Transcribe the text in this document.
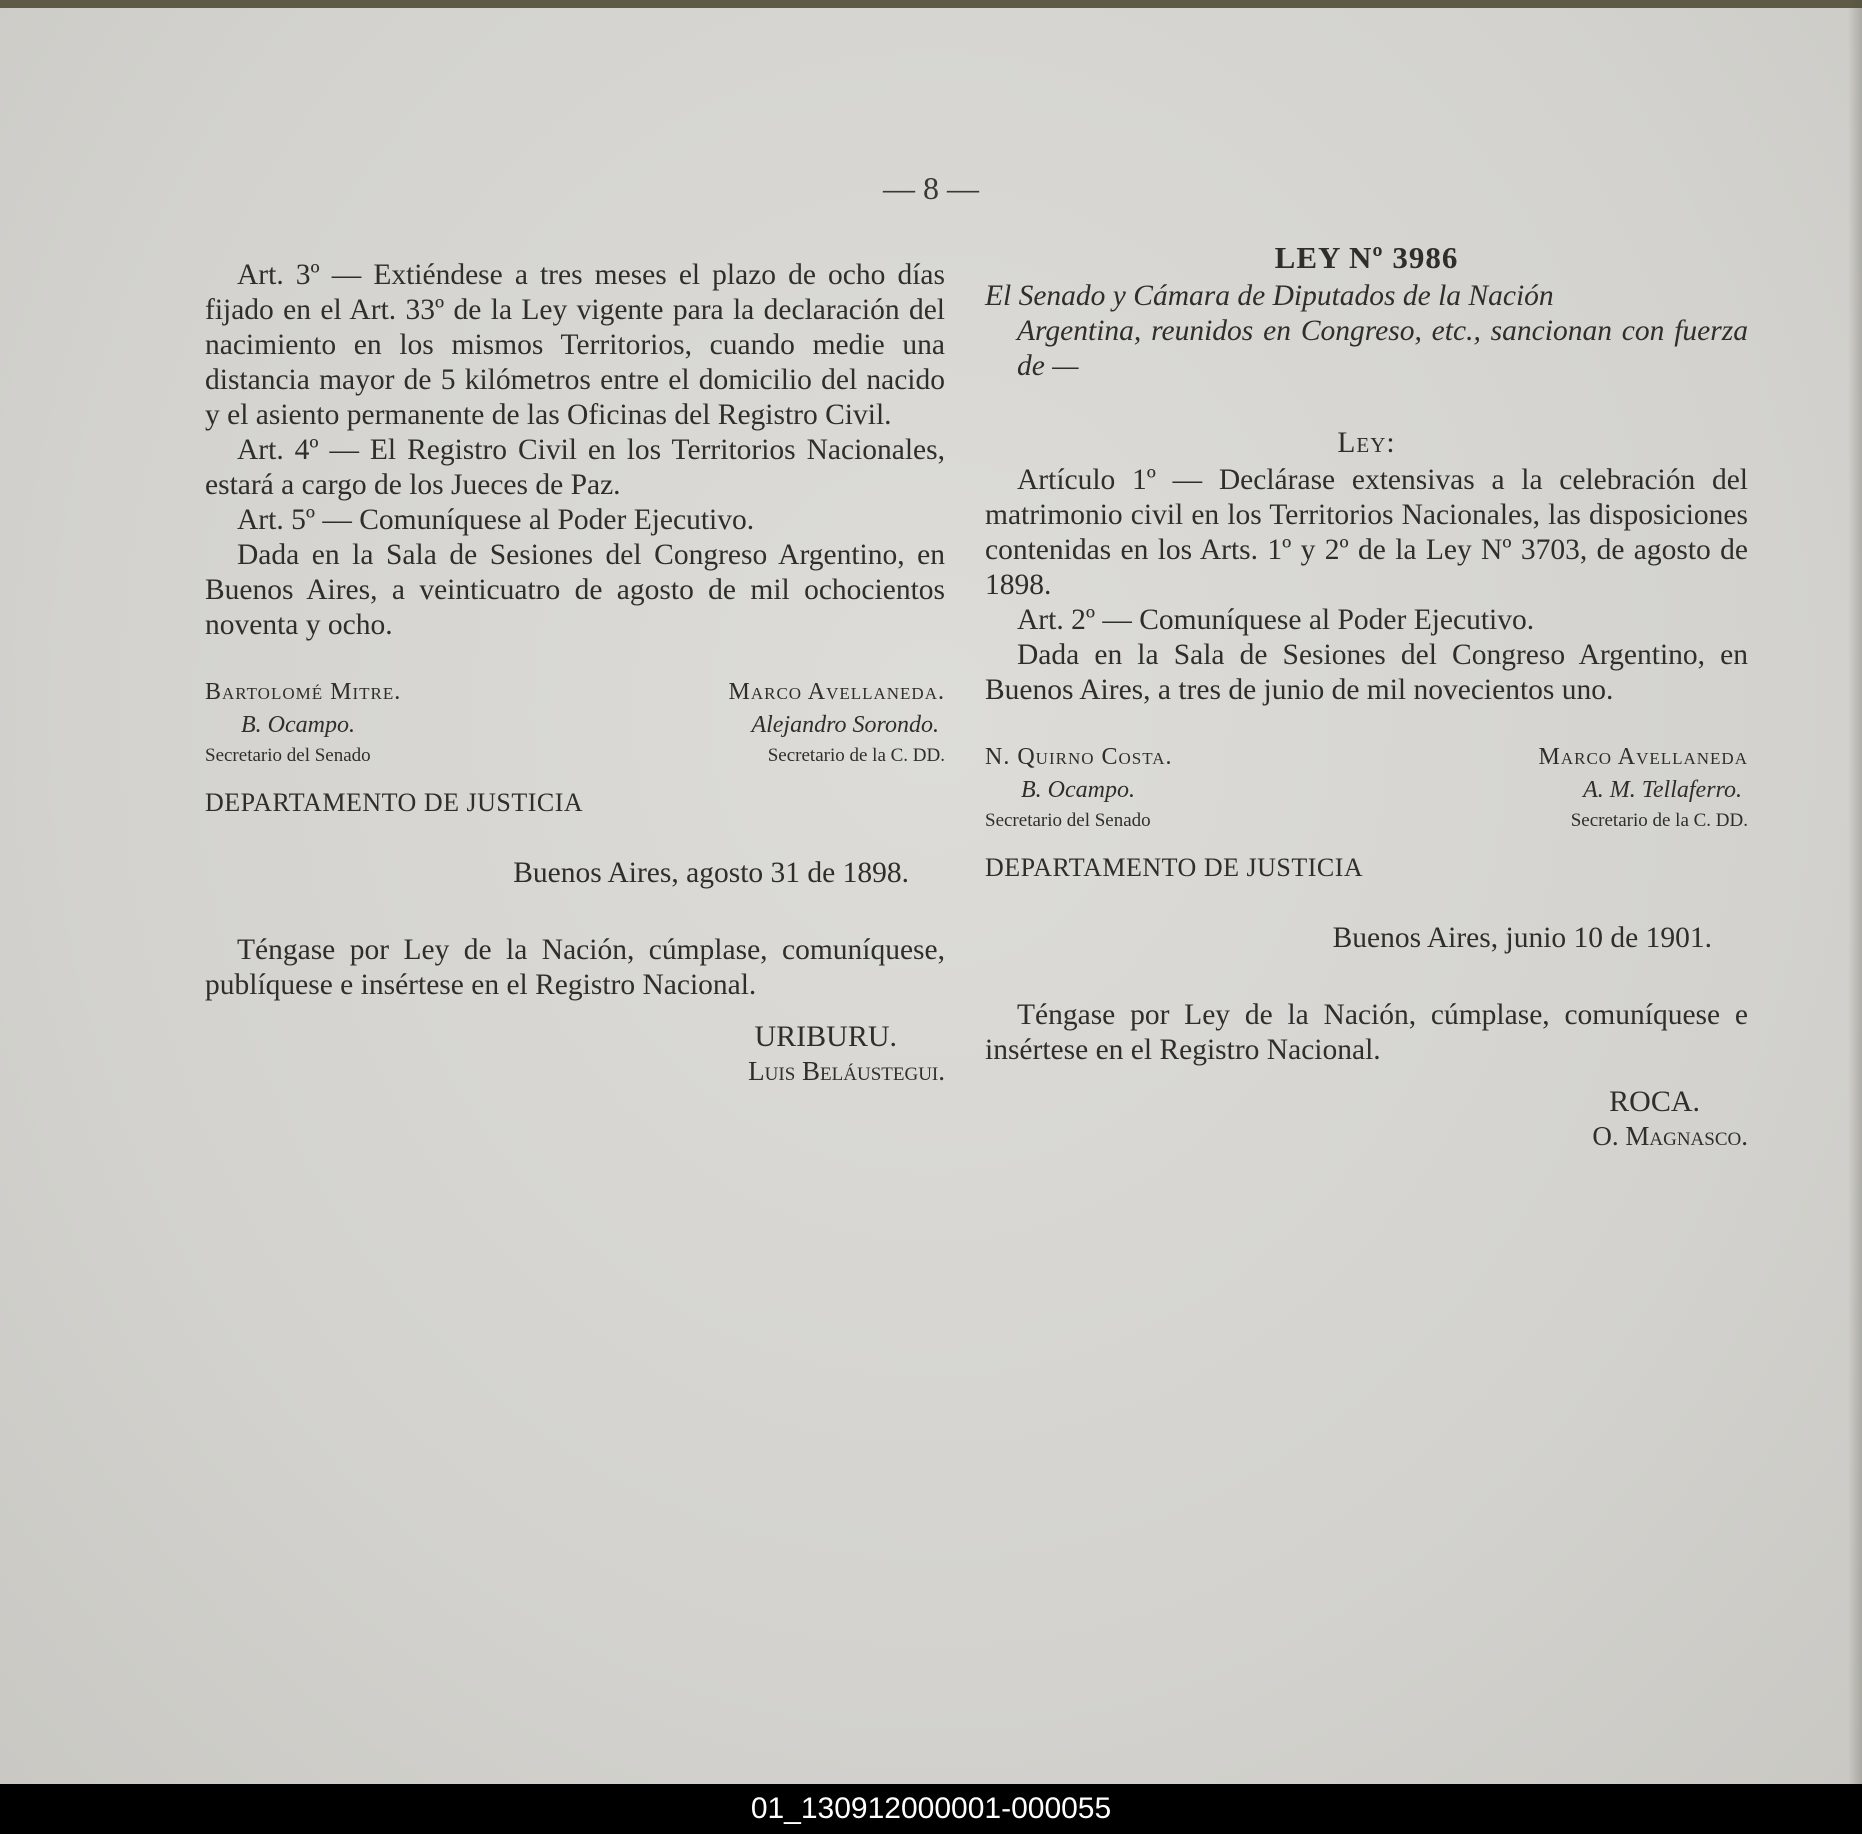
— 8 —

Art. 3º — Extiéndese a tres meses el plazo de ocho días fijado en el Art. 33º de la Ley vigente para la declaración del nacimiento en los mismos Territorios, cuando medie una distancia mayor de 5 kilómetros entre el domicilio del nacido y el asiento permanente de las Oficinas del Registro Civil.

Art. 4º — El Registro Civil en los Territorios Nacionales, estará a cargo de los Jueces de Paz.

Art. 5º — Comuníquese al Poder Ejecutivo.

Dada en la Sala de Sesiones del Congreso Argentino, en Buenos Aires, a veinticuatro de agosto de mil ochocientos noventa y ocho.

Bartolomé Mitre.
B. Ocampo.
Secretario del Senado
Marco Avellaneda.
Alejandro Sorondo.
Secretario de la C. DD.
DEPARTAMENTO DE JUSTICIA
Buenos Aires, agosto 31 de 1898.

Téngase por Ley de la Nación, cúmplase, comuníquese, publíquese e insértese en el Registro Nacional.

URIBURU.
Luis Beláustegui.
LEY Nº 3986
El Senado y Cámara de Diputados de la Nación
Argentina, reunidos en Congreso, etc., sancionan con fuerza de —
Ley:

Artículo 1º — Declárase extensivas a la celebración del matrimonio civil en los Territorios Nacionales, las disposiciones contenidas en los Arts. 1º y 2º de la Ley Nº 3703, de agosto de 1898.

Art. 2º — Comuníquese al Poder Ejecutivo.

Dada en la Sala de Sesiones del Congreso Argentino, en Buenos Aires, a tres de junio de mil novecientos uno.

N. Quirno Costa.
B. Ocampo.
Secretario del Senado
Marco Avellaneda
A. M. Tellaferro.
Secretario de la C. DD.
DEPARTAMENTO DE JUSTICIA
Buenos Aires, junio 10 de 1901.

Téngase por Ley de la Nación, cúmplase, comuníquese e insértese en el Registro Nacional.

ROCA.
O. Magnasco.
01_130912000001-000055
